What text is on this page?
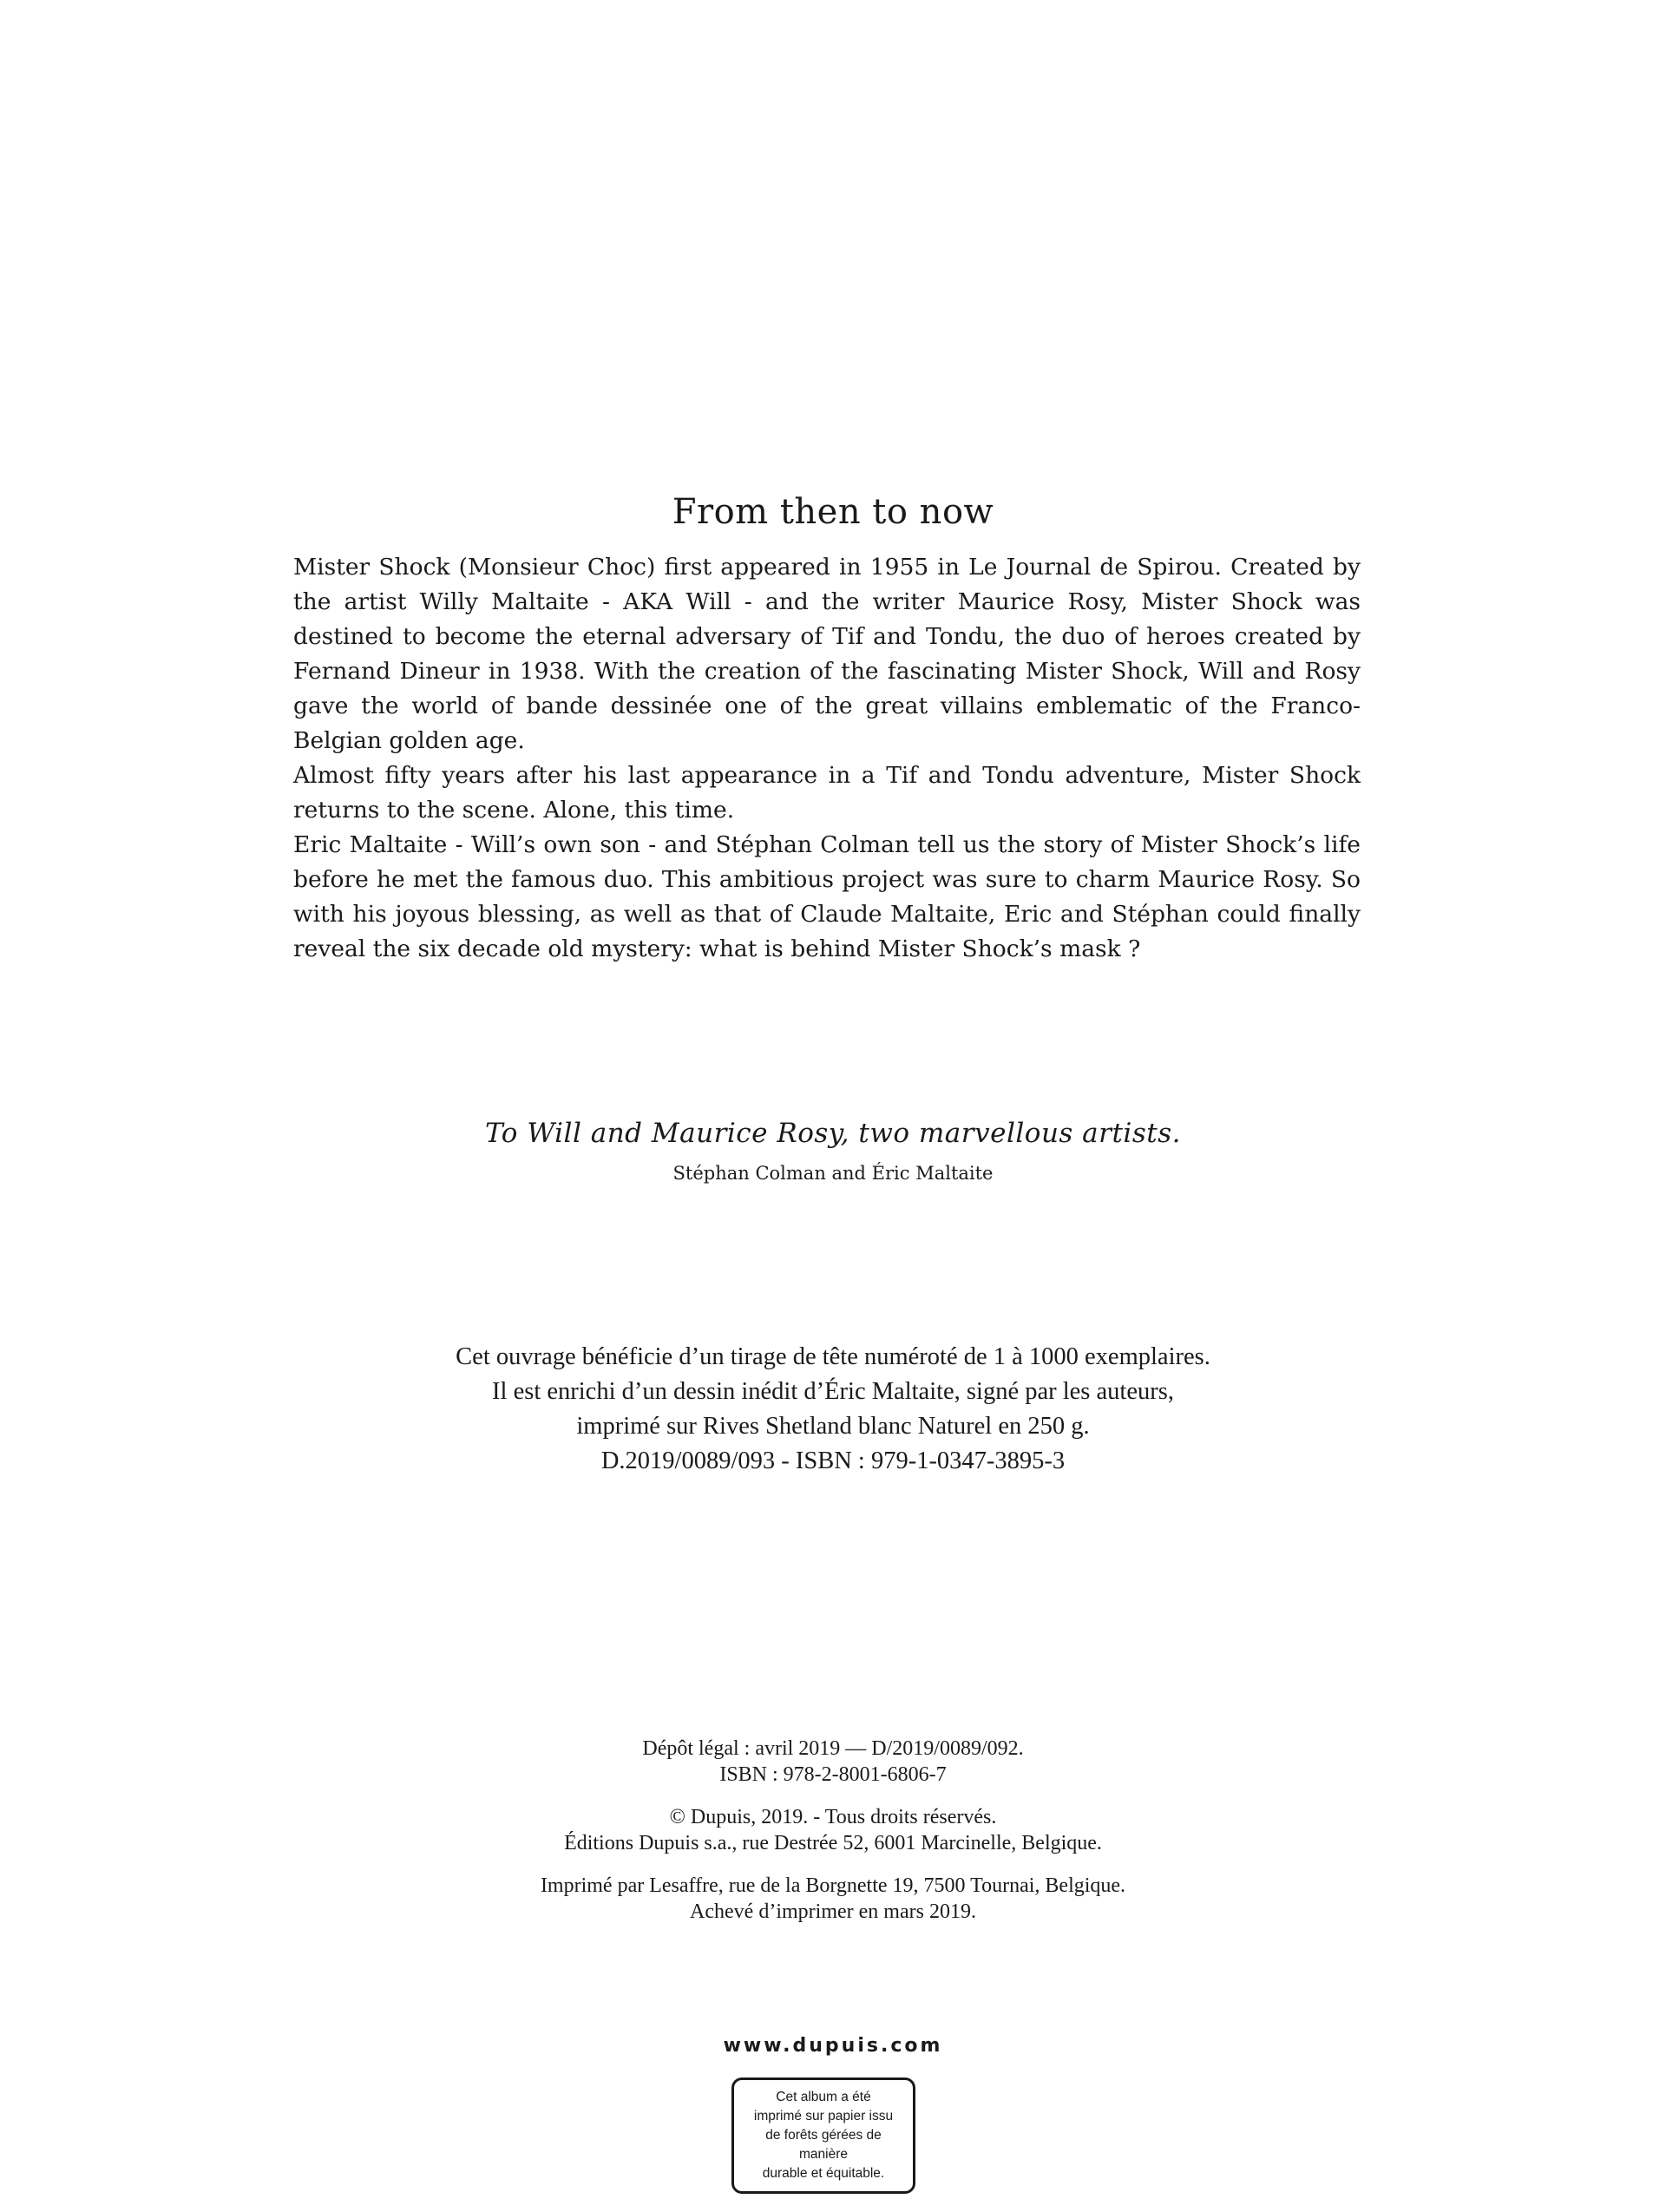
From then to now

Mister Shock (Monsieur Choc) first appeared in 1955 in Le Journal de Spirou. Created by the artist Willy Maltaite - AKA Will - and the writer Maurice Rosy, Mister Shock was destined to become the eternal adversary of Tif and Tondu, the duo of heroes created by Fernand Dineur in 1938. With the creation of the fascinating Mister Shock, Will and Rosy gave the world of bande dessinée one of the great villains emblematic of the Franco-Belgian golden age.

Almost fifty years after his last appearance in a Tif and Tondu adventure, Mister Shock returns to the scene. Alone, this time.

Eric Maltaite - Will’s own son - and Stéphan Colman tell us the story of Mister Shock’s life before he met the famous duo. This ambitious project was sure to charm Maurice Rosy. So with his joyous blessing, as well as that of Claude Maltaite, Eric and Stéphan could finally reveal the six decade old mystery: what is behind Mister Shock’s mask ?

To Will and Maurice Rosy, two marvellous artists.
Stéphan Colman and Éric Maltaite
Cet ouvrage bénéficie d’un tirage de tête numéroté de 1 à 1000 exemplaires.
Il est enrichi d’un dessin inédit d’Éric Maltaite, signé par les auteurs,
imprimé sur Rives Shetland blanc Naturel en 250 g.
D.2019/0089/093 - ISBN : 979-1-0347-3895-3
Dépôt légal : avril 2019 — D/2019/0089/092.
ISBN : 978-2-8001-6806-7
© Dupuis, 2019. - Tous droits réservés.
Éditions Dupuis s.a., rue Destrée 52, 6001 Marcinelle, Belgique.
Imprimé par Lesaffre, rue de la Borgnette 19, 7500 Tournai, Belgique.
Achevé d’imprimer en mars 2019.
www.dupuis.com
Cet album a été
imprimé sur papier issu
de forêts gérées de
manière
durable et équitable.
